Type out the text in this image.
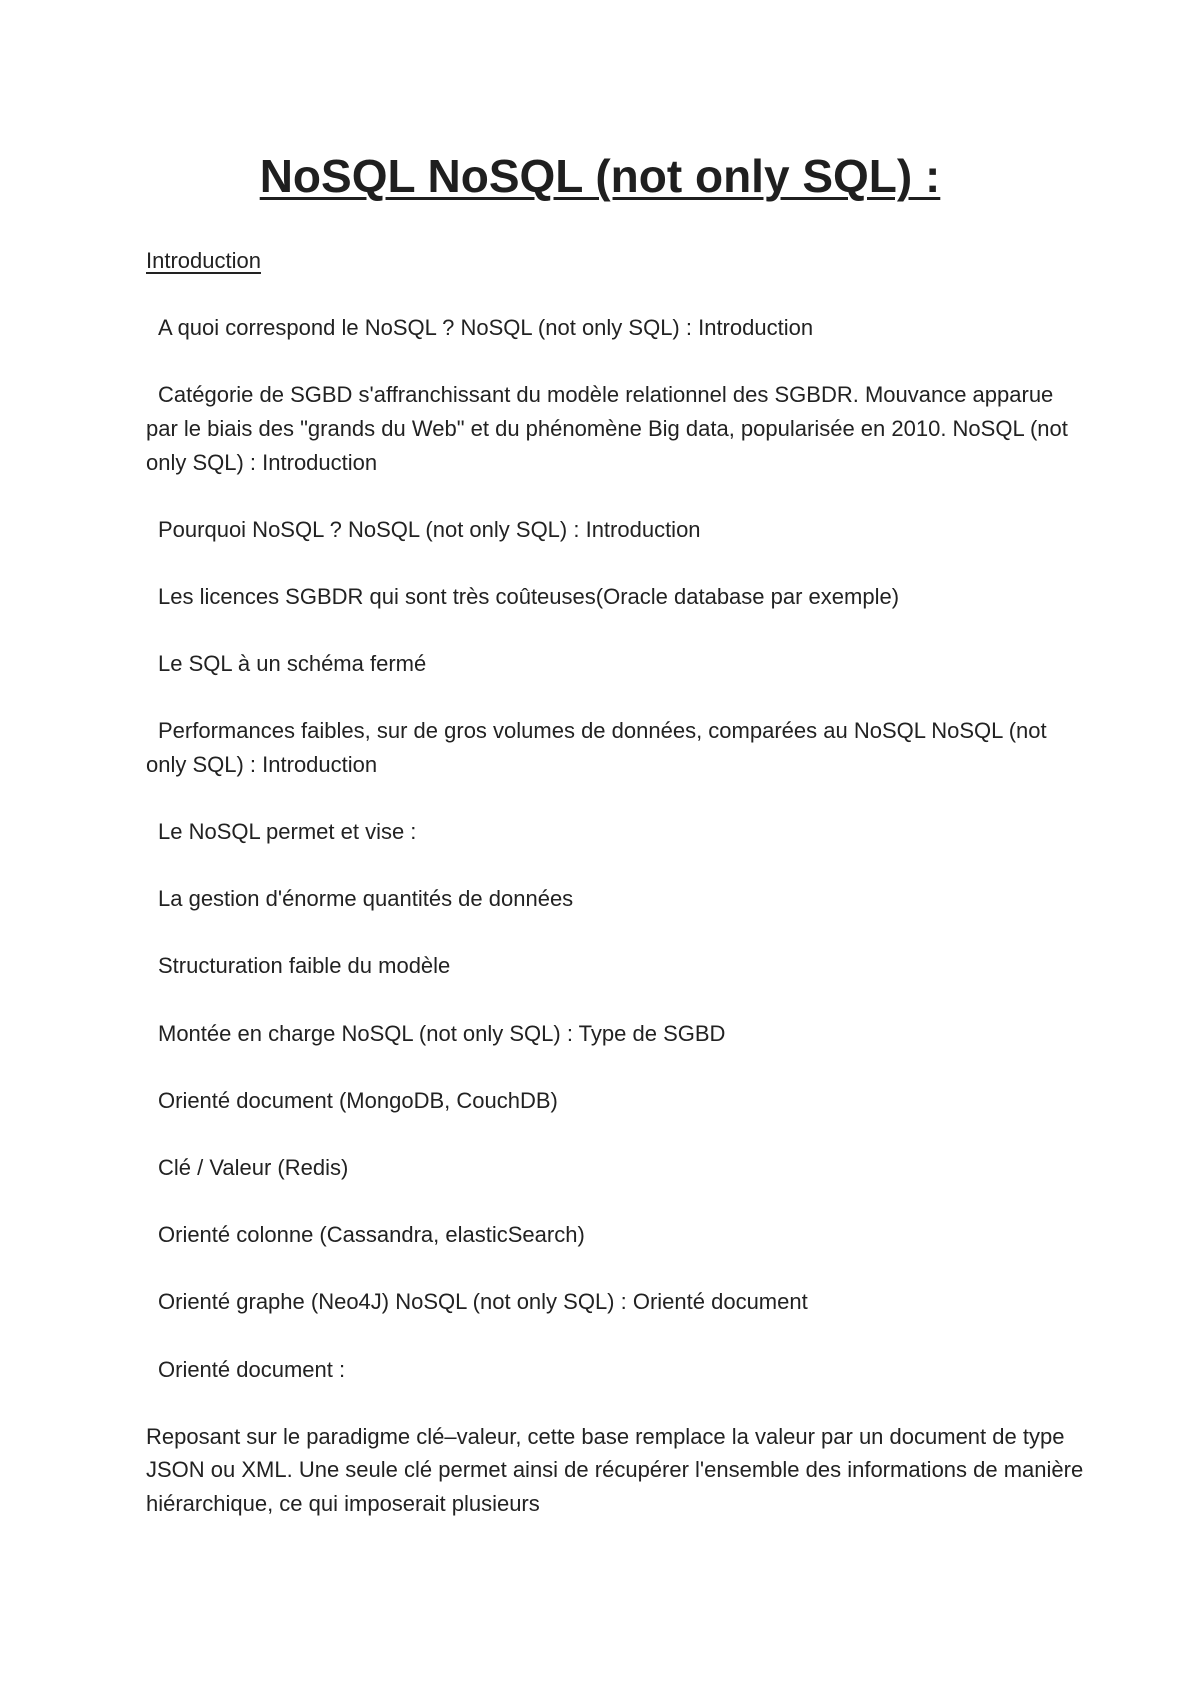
NoSQL NoSQL (not only SQL) :

Introduction

A quoi correspond le NoSQL ? NoSQL (not only SQL) : Introduction

Catégorie de SGBD s'affranchissant du modèle relationnel des SGBDR. Mouvance apparue par le biais des "grands du Web" et du phénomène Big data, popularisée en 2010. NoSQL (not only SQL) : Introduction

Pourquoi NoSQL ? NoSQL (not only SQL) : Introduction

Les licences SGBDR qui sont très coûteuses(Oracle database par exemple)

Le SQL à un schéma fermé

Performances faibles, sur de gros volumes de données, comparées au NoSQL NoSQL (not only SQL) : Introduction

Le NoSQL permet et vise :

La gestion d'énorme quantités de données

Structuration faible du modèle

Montée en charge NoSQL (not only SQL) : Type de SGBD

Orienté document (MongoDB, CouchDB)

Clé / Valeur (Redis)

Orienté colonne (Cassandra, elasticSearch)

Orienté graphe (Neo4J) NoSQL (not only SQL) : Orienté document

Orienté document :

Reposant sur le paradigme clé–valeur, cette base remplace la valeur par un document de type JSON ou XML. Une seule clé permet ainsi de récupérer l'ensemble des informations de manière hiérarchique, ce qui imposerait plusieurs
